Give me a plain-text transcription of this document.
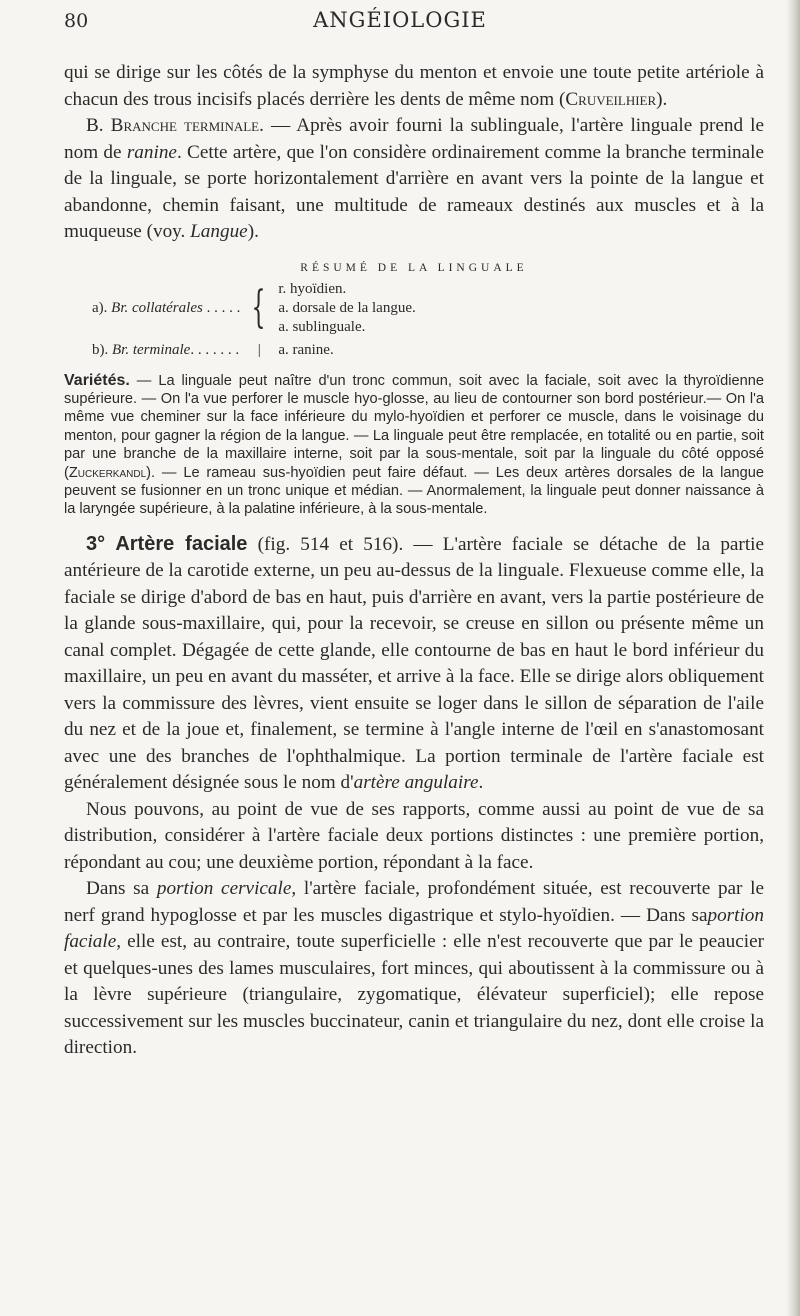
80	ANGÉIOLOGIE

qui se dirige sur les côtés de la symphyse du menton et envoie une toute petite artériole à chacun des trous incisifs placés derrière les dents de même nom (Cruveilhier).

B. Branche terminale. — Après avoir fourni la sublinguale, l'artère linguale prend le nom de ranine. Cette artère, que l'on considère ordinairement comme la branche terminale de la linguale, se porte horizontalement d'arrière en avant vers la pointe de la langue et abandonne, chemin faisant, une multitude de rameaux destinés aux muscles et à la muqueuse (voy. Langue).

RÉSUMÉ DE LA LINGUALE
a). Br. collatérales . . . . .	{	r. hyoïdien.
a. dorsale de la langue.
a. sublinguale.

b). Br. terminale. . . . . . .	|	a. ranine.

Variétés. — La linguale peut naître d'un tronc commun, soit avec la faciale, soit avec la thyroïdienne supérieure. — On l'a vue perforer le muscle hyo-glosse, au lieu de contourner son bord postérieur.— On l'a même vue cheminer sur la face inférieure du mylo-hyoïdien et perforer ce muscle, dans le voisinage du menton, pour gagner la région de la langue. — La linguale peut être remplacée, en totalité ou en partie, soit par une branche de la maxillaire interne, soit par la sous-mentale, soit par la linguale du côté opposé (Zuckerkandl). — Le rameau sus-hyoïdien peut faire défaut. — Les deux artères dorsales de la langue peuvent se fusionner en un tronc unique et médian. — Anormalement, la linguale peut donner naissance à la laryngée supérieure, à la palatine inférieure, à la sous-mentale.

3° Artère faciale (fig. 514 et 516). — L'artère faciale se détache de la partie antérieure de la carotide externe, un peu au-dessus de la linguale. Flexueuse comme elle, la faciale se dirige d'abord de bas en haut, puis d'arrière en avant, vers la partie postérieure de la glande sous-maxillaire, qui, pour la recevoir, se creuse en sillon ou présente même un canal complet. Dégagée de cette glande, elle contourne de bas en haut le bord inférieur du maxillaire, un peu en avant du masséter, et arrive à la face. Elle se dirige alors obliquement vers la commissure des lèvres, vient ensuite se loger dans le sillon de séparation de l'aile du nez et de la joue et, finalement, se termine à l'angle interne de l'œil en s'anastomosant avec une des branches de l'ophthalmique. La portion terminale de l'artère faciale est généralement désignée sous le nom d'artère angulaire.

Nous pouvons, au point de vue de ses rapports, comme aussi au point de vue de sa distribution, considérer à l'artère faciale deux portions distinctes : une première portion, répondant au cou; une deuxième portion, répondant à la face.

Dans sa portion cervicale, l'artère faciale, profondément située, est recouverte par le nerf grand hypoglosse et par les muscles digastrique et stylo-hyoïdien. — Dans saportion faciale, elle est, au contraire, toute superficielle : elle n'est recouverte que par le peaucier et quelques-unes des lames musculaires, fort minces, qui aboutissent à la commissure ou à la lèvre supérieure (triangulaire, zygomatique, élévateur superficiel); elle repose successivement sur les muscles buccinateur, canin et triangulaire du nez, dont elle croise la direction.
